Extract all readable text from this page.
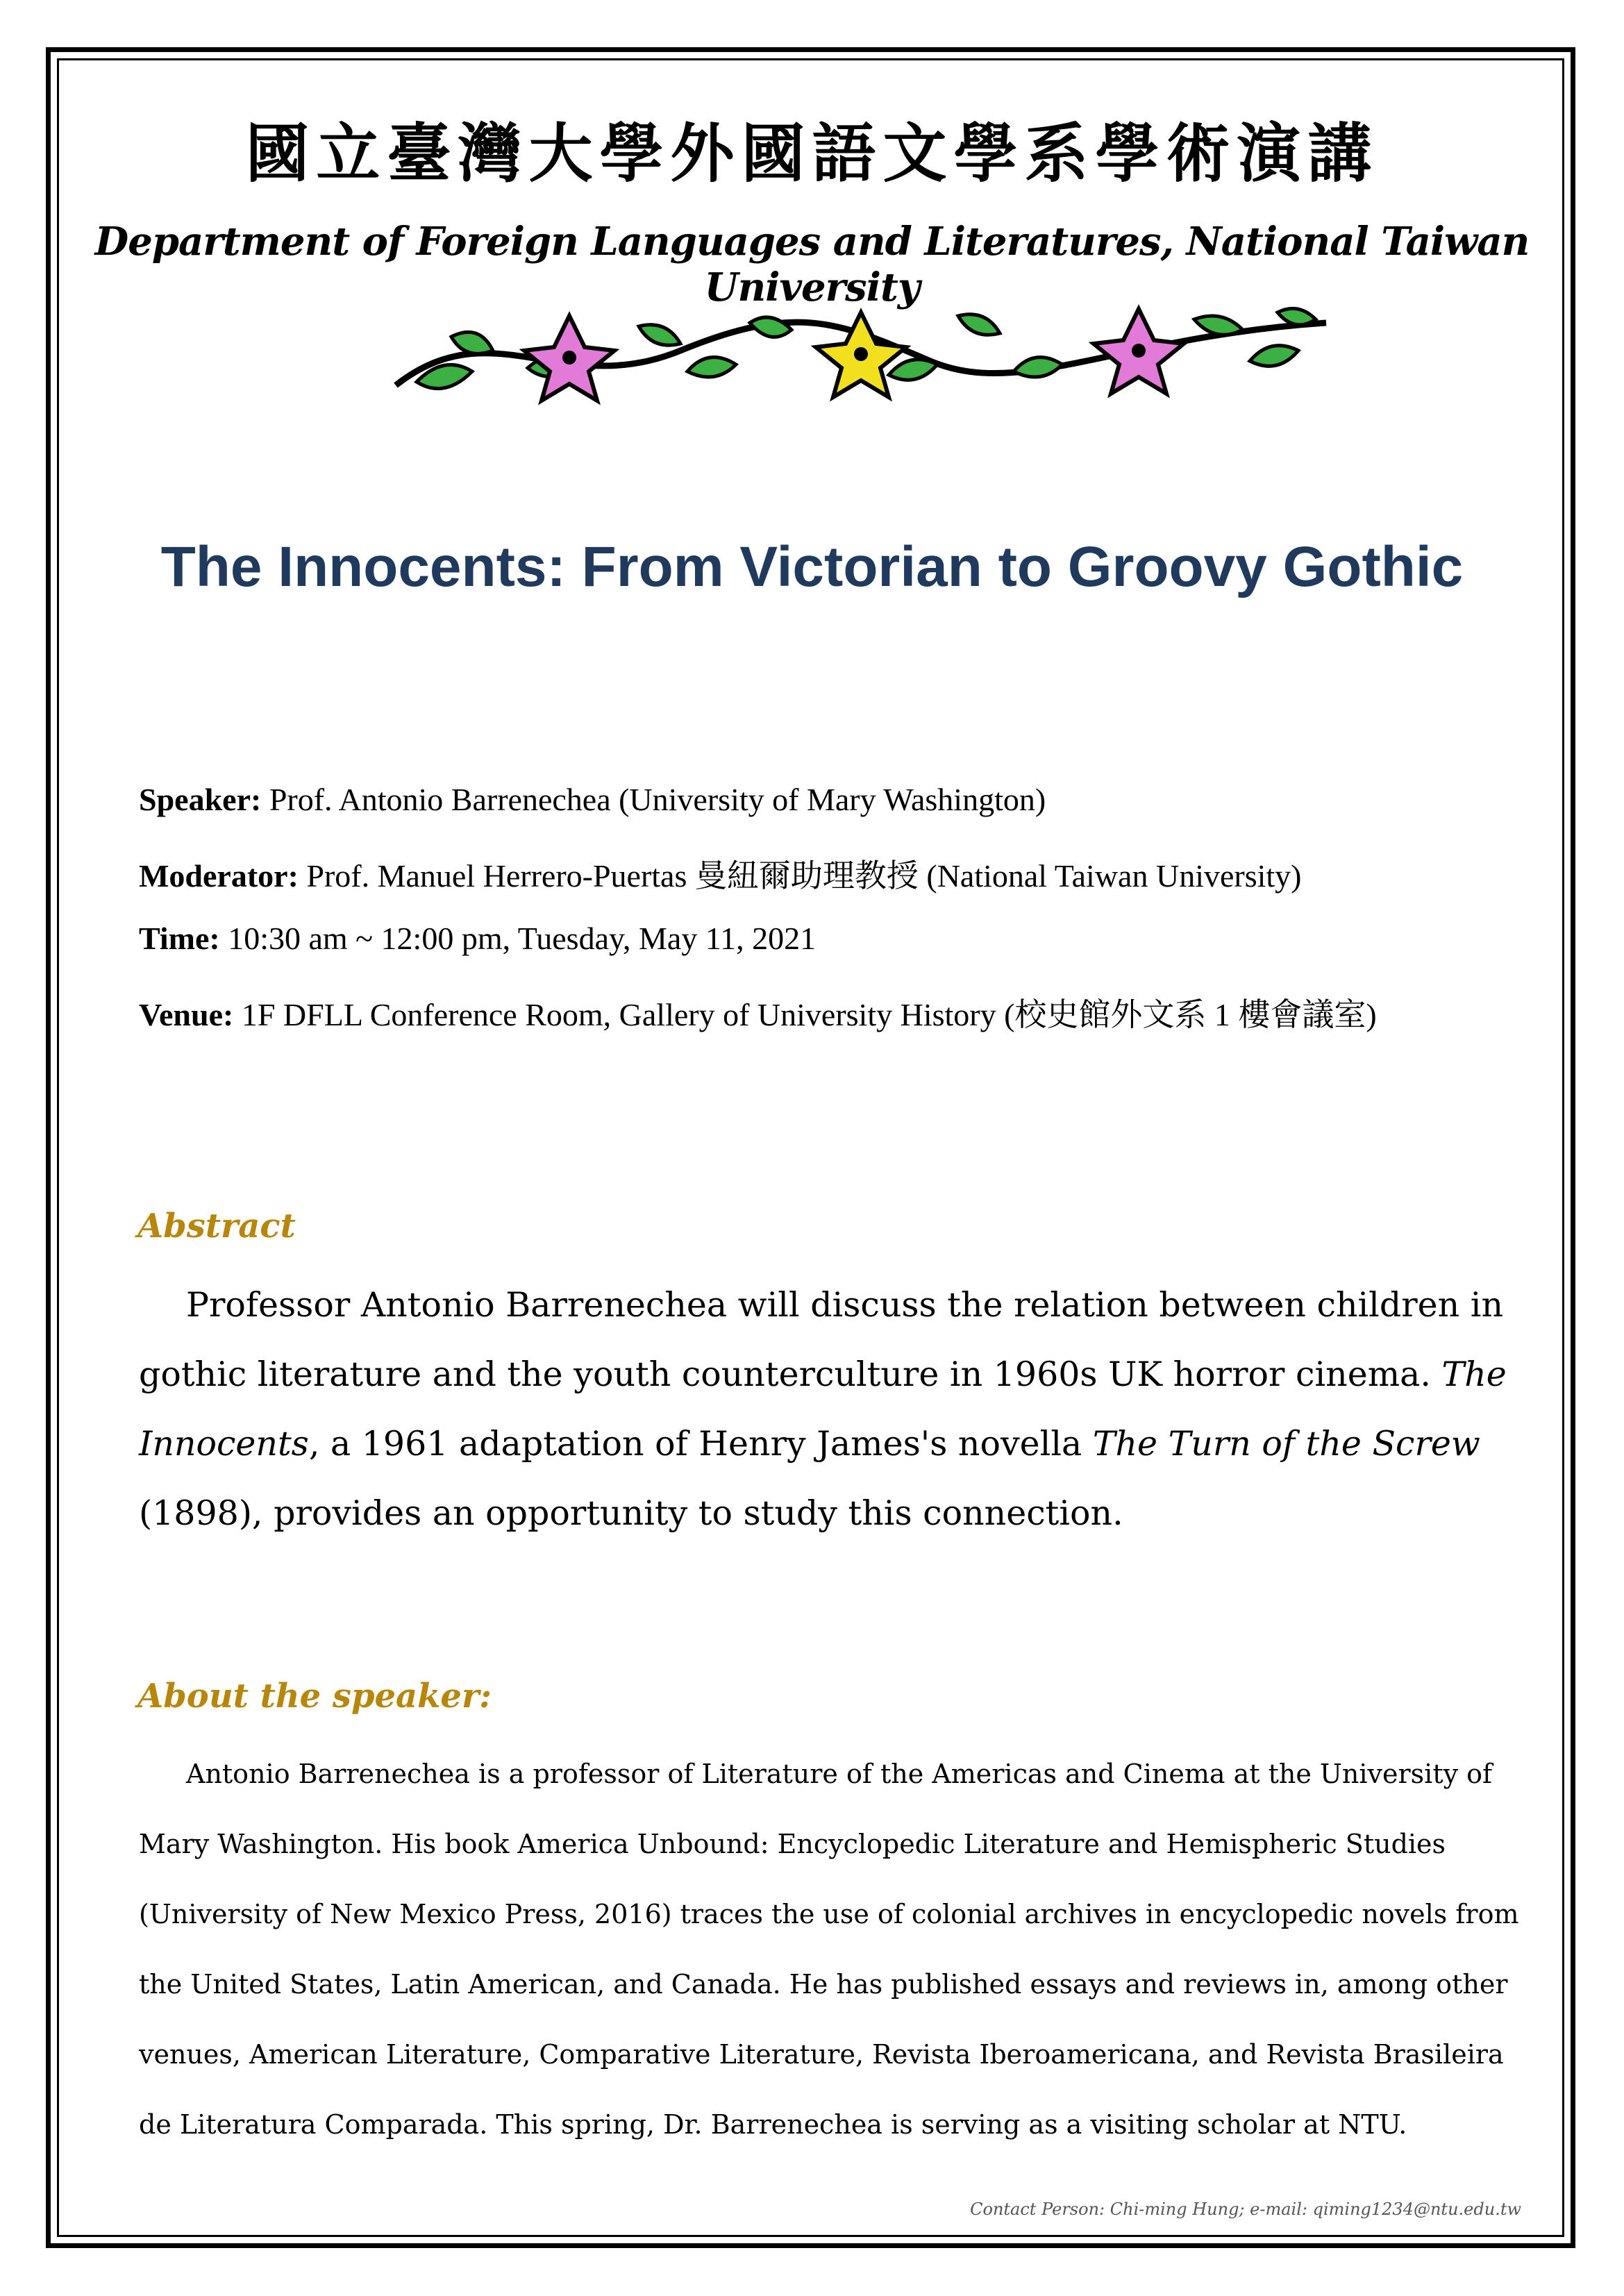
國立臺灣大學外國語文學系學術演講
Department of Foreign Languages and Literatures, National Taiwan University
The Innocents: From Victorian to Groovy Gothic
Speaker: Prof. Antonio Barrenechea (University of Mary Washington)
Moderator: Prof. Manuel Herrero-Puertas 曼紐爾助理教授 (National Taiwan University)
Time: 10:30 am ~ 12:00 pm, Tuesday, May 11, 2021
Venue: 1F DFLL Conference Room, Gallery of University History (校史館外文系 1 樓會議室)
Abstract

Professor Antonio Barrenechea will discuss the relation between children in gothic literature and the youth counterculture in 1960s UK horror cinema. The Innocents, a 1961 adaptation of Henry James's novella The Turn of the Screw (1898), provides an opportunity to study this connection.

About the speaker:

Antonio Barrenechea is a professor of Literature of the Americas and Cinema at the University of Mary Washington. His book America Unbound: Encyclopedic Literature and Hemispheric Studies (University of New Mexico Press, 2016) traces the use of colonial archives in encyclopedic novels from the United States, Latin American, and Canada. He has published essays and reviews in, among other venues, American Literature, Comparative Literature, Revista Iberoamericana, and Revista Brasileira de Literatura Comparada. This spring, Dr. Barrenechea is serving as a visiting scholar at NTU.

Contact Person: Chi-ming Hung; e-mail: qiming1234@ntu.edu.tw
